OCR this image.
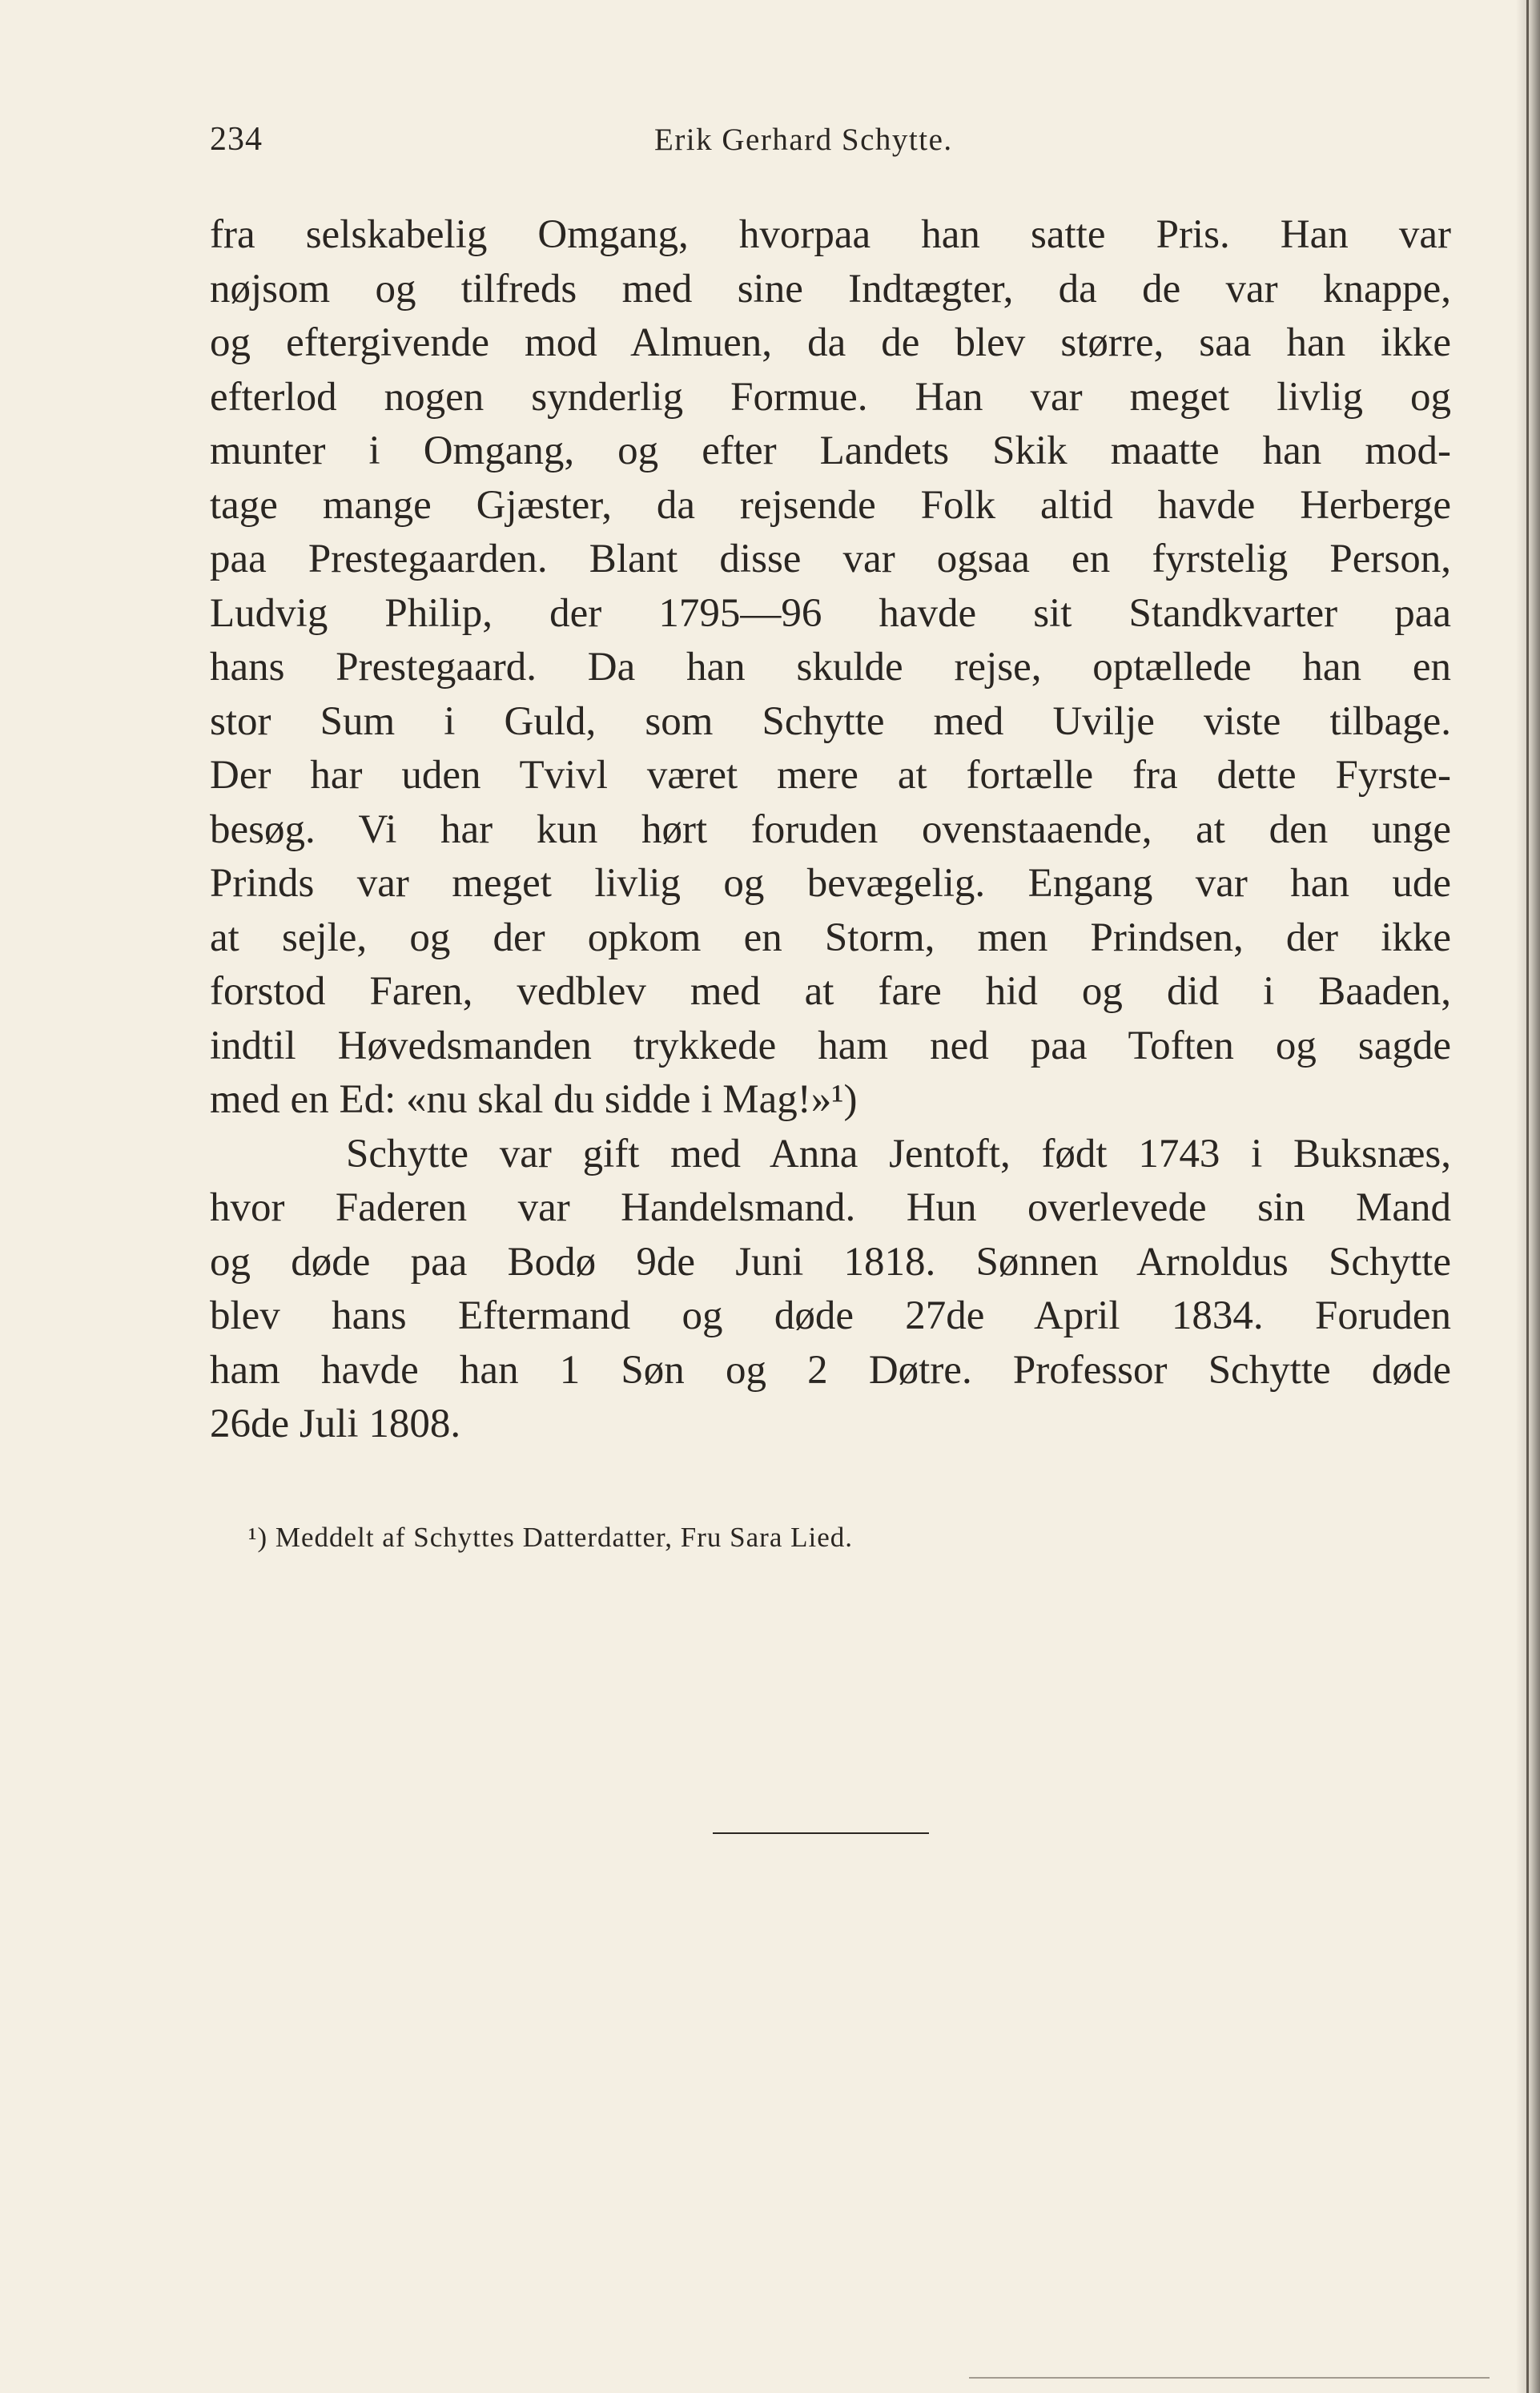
234	Erik Gerhard Schytte.
fra selskabelig Omgang, hvorpaa han satte Pris. Han var
nøjsom og tilfreds med sine Indtægter, da de var knappe,
og eftergivende mod Almuen, da de blev større, saa han ikke
efterlod nogen synderlig Formue. Han var meget livlig og
munter i Omgang, og efter Landets Skik maatte han mod-
tage mange Gjæster, da rejsende Folk altid havde Herberge
paa Prestegaarden. Blant disse var ogsaa en fyrstelig Person,
Ludvig Philip, der 1795—96 havde sit Standkvarter paa
hans Prestegaard. Da han skulde rejse, optællede han en
stor Sum i Guld, som Schytte med Uvilje viste tilbage.
Der har uden Tvivl været mere at fortælle fra dette Fyrste-
besøg. Vi har kun hørt foruden ovenstaaende, at den unge
Prinds var meget livlig og bevægelig. Engang var han ude
at sejle, og der opkom en Storm, men Prindsen, der ikke
forstod Faren, vedblev med at fare hid og did i Baaden,
indtil Høvedsmanden trykkede ham ned paa Toften og sagde
med en Ed: «nu skal du sidde i Mag!»¹)
Schytte var gift med Anna Jentoft, født 1743 i Buksnæs,
hvor Faderen var Handelsmand. Hun overlevede sin Mand
og døde paa Bodø 9de Juni 1818. Sønnen Arnoldus Schytte
blev hans Eftermand og døde 27de April 1834. Foruden
ham havde han 1 Søn og 2 Døtre. Professor Schytte døde
26de Juli 1808.
¹) Meddelt af Schyttes Datterdatter, Fru Sara Lied.
